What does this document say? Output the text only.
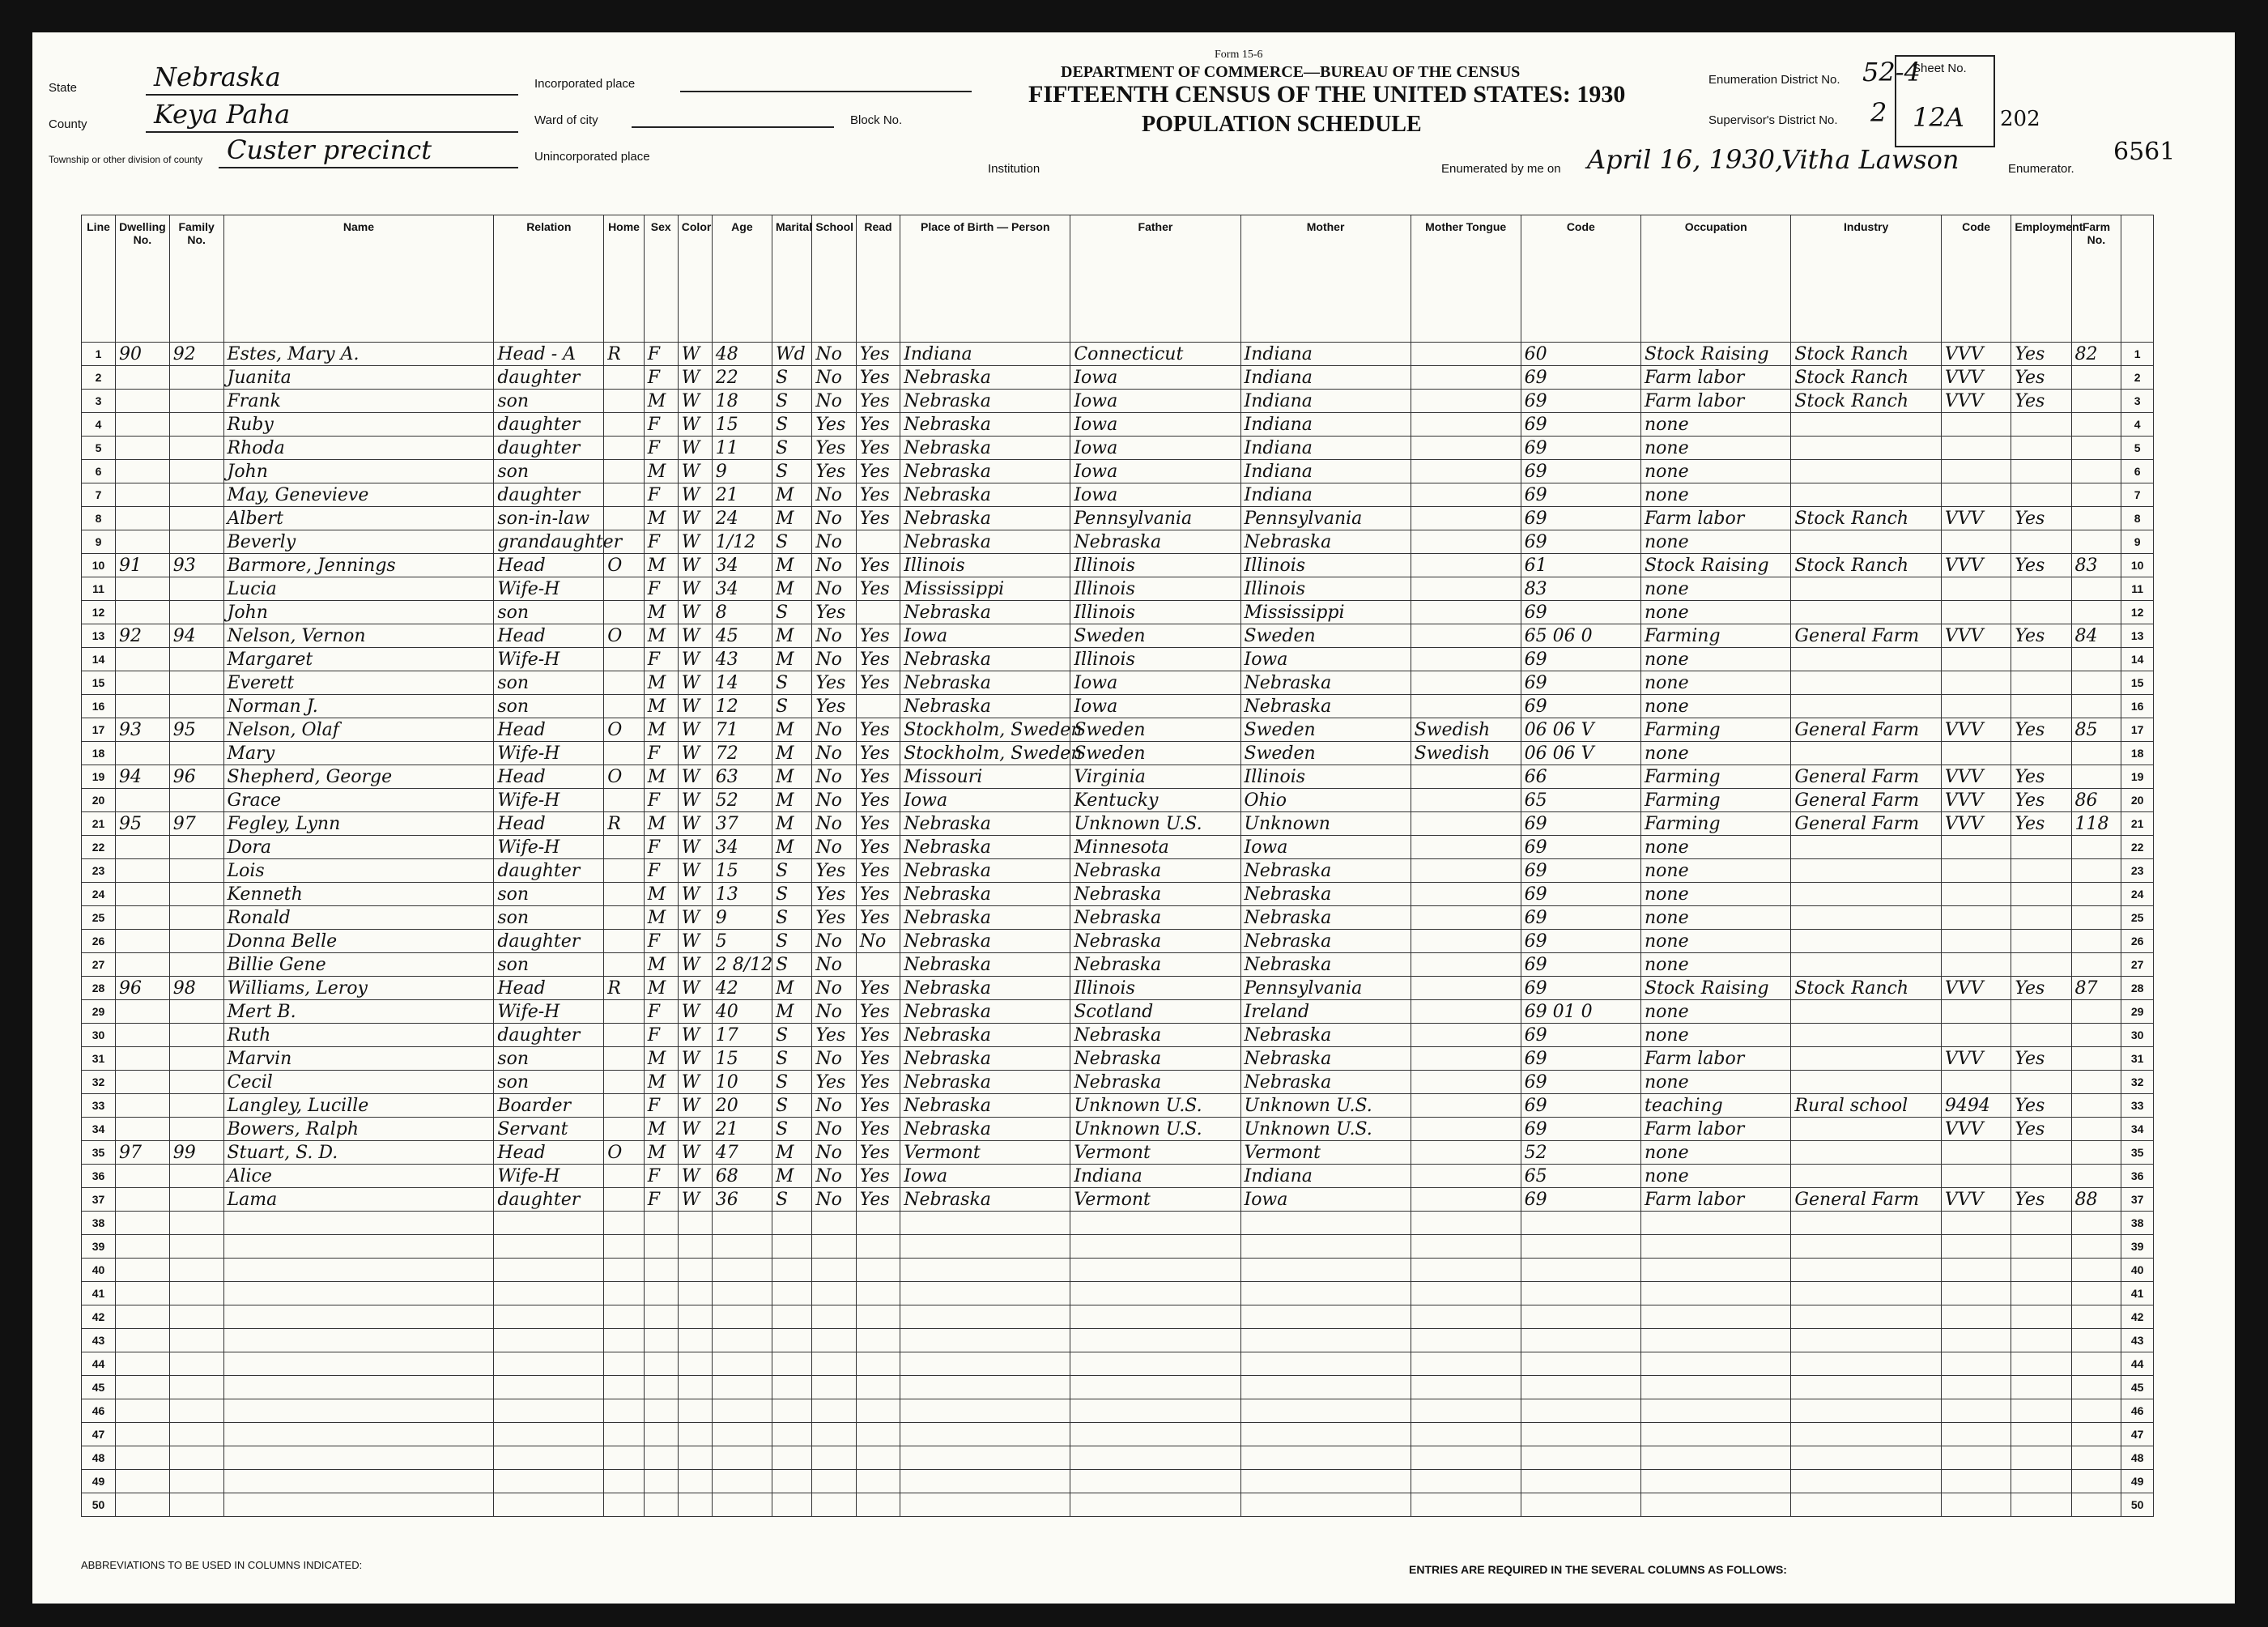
Form 15-6
DEPARTMENT OF COMMERCE—BUREAU OF THE CENSUS
FIFTEENTH CENSUS OF THE UNITED STATES: 1930
POPULATION SCHEDULE
State	Nebraska
County	Keya Paha
Township or other division of county Custer precinct
Incorporated place
Ward of city	Block No.
Unincorporated place
Institution
Enumeration District No. 52-4
Supervisor's District No. 2
Sheet No.
12A 202
Enumerated by me on April 16, 1930,
Vitha Lawson	Enumerator.
6561
Line	Dwelling No.	Family No.	Name	Relation	Home	Sex	Color	Age	Marital	School	Read	Place of Birth — Person	Father	Mother	Mother Tongue	Code	Occupation	Industry	Code	Employment	Farm No.	
1	90	92	Estes, Mary A.	Head - A	R	F	W	48	Wd	No	Yes	Indiana	Connecticut	Indiana		60	Stock Raising	Stock Ranch	VVV	Yes	82	1
2			Juanita	daughter		F	W	22	S	No	Yes	Nebraska	Iowa	Indiana		69	Farm labor	Stock Ranch	VVV	Yes		2
3			Frank	son		M	W	18	S	No	Yes	Nebraska	Iowa	Indiana		69	Farm labor	Stock Ranch	VVV	Yes		3
4			Ruby	daughter		F	W	15	S	Yes	Yes	Nebraska	Iowa	Indiana		69	none					4
5			Rhoda	daughter		F	W	11	S	Yes	Yes	Nebraska	Iowa	Indiana		69	none					5
6			John	son		M	W	9	S	Yes	Yes	Nebraska	Iowa	Indiana		69	none					6
7			May, Genevieve	daughter		F	W	21	M	No	Yes	Nebraska	Iowa	Indiana		69	none					7
8			Albert	son-in-law		M	W	24	M	No	Yes	Nebraska	Pennsylvania	Pennsylvania		69	Farm labor	Stock Ranch	VVV	Yes		8
9			Beverly	grandaughter		F	W	1/12	S	No		Nebraska	Nebraska	Nebraska		69	none					9
10	91	93	Barmore, Jennings	Head	O	M	W	34	M	No	Yes	Illinois	Illinois	Illinois		61	Stock Raising	Stock Ranch	VVV	Yes	83	10
11			Lucia	Wife-H		F	W	34	M	No	Yes	Mississippi	Illinois	Illinois		83	none					11
12			John	son		M	W	8	S	Yes		Nebraska	Illinois	Mississippi		69	none					12
13	92	94	Nelson, Vernon	Head	O	M	W	45	M	No	Yes	Iowa	Sweden	Sweden		65 06 0	Farming	General Farm	VVV	Yes	84	13
14			Margaret	Wife-H		F	W	43	M	No	Yes	Nebraska	Illinois	Iowa		69	none					14
15			Everett	son		M	W	14	S	Yes	Yes	Nebraska	Iowa	Nebraska		69	none					15
16			Norman J.	son		M	W	12	S	Yes		Nebraska	Iowa	Nebraska		69	none					16
17	93	95	Nelson, Olaf	Head	O	M	W	71	M	No	Yes	Stockholm, Sweden	Sweden	Sweden	Swedish	06 06 V	Farming	General Farm	VVV	Yes	85	17
18			Mary	Wife-H		F	W	72	M	No	Yes	Stockholm, Sweden	Sweden	Sweden	Swedish	06 06 V	none					18
19	94	96	Shepherd, George	Head	O	M	W	63	M	No	Yes	Missouri	Virginia	Illinois		66	Farming	General Farm	VVV	Yes		19
20			Grace	Wife-H		F	W	52	M	No	Yes	Iowa	Kentucky	Ohio		65	Farming	General Farm	VVV	Yes	86	20
21	95	97	Fegley, Lynn	Head	R	M	W	37	M	No	Yes	Nebraska	Unknown U.S.	Unknown		69	Farming	General Farm	VVV	Yes	118	21
22			Dora	Wife-H		F	W	34	M	No	Yes	Nebraska	Minnesota	Iowa		69	none					22
23			Lois	daughter		F	W	15	S	Yes	Yes	Nebraska	Nebraska	Nebraska		69	none					23
24			Kenneth	son		M	W	13	S	Yes	Yes	Nebraska	Nebraska	Nebraska		69	none					24
25			Ronald	son		M	W	9	S	Yes	Yes	Nebraska	Nebraska	Nebraska		69	none					25
26			Donna Belle	daughter		F	W	5	S	No	No	Nebraska	Nebraska	Nebraska		69	none					26
27			Billie Gene	son		M	W	2 8/12	S	No		Nebraska	Nebraska	Nebraska		69	none					27
28	96	98	Williams, Leroy	Head	R	M	W	42	M	No	Yes	Nebraska	Illinois	Pennsylvania		69	Stock Raising	Stock Ranch	VVV	Yes	87	28
29			Mert B.	Wife-H		F	W	40	M	No	Yes	Nebraska	Scotland	Ireland		69 01 0	none					29
30			Ruth	daughter		F	W	17	S	Yes	Yes	Nebraska	Nebraska	Nebraska		69	none					30
31			Marvin	son		M	W	15	S	No	Yes	Nebraska	Nebraska	Nebraska		69	Farm labor		VVV	Yes		31
32			Cecil	son		M	W	10	S	Yes	Yes	Nebraska	Nebraska	Nebraska		69	none					32
33			Langley, Lucille	Boarder		F	W	20	S	No	Yes	Nebraska	Unknown U.S.	Unknown U.S.		69	teaching	Rural school	9494	Yes		33
34			Bowers, Ralph	Servant		M	W	21	S	No	Yes	Nebraska	Unknown U.S.	Unknown U.S.		69	Farm labor		VVV	Yes		34
35	97	99	Stuart, S. D.	Head	O	M	W	47	M	No	Yes	Vermont	Vermont	Vermont		52	none					35
36			Alice	Wife-H		F	W	68	M	No	Yes	Iowa	Indiana	Indiana		65	none					36
37			Lama	daughter		F	W	36	S	No	Yes	Nebraska	Vermont	Iowa		69	Farm labor	General Farm	VVV	Yes	88	37
38																						38
39																						39
40																						40
41																						41
42																						42
43																						43
44																						44
45																						45
46																						46
47																						47
48																						48
49																						49
50																						50
ABBREVIATIONS TO BE USED IN COLUMNS INDICATED:	ENTRIES ARE REQUIRED IN THE SEVERAL COLUMNS AS FOLLOWS:
